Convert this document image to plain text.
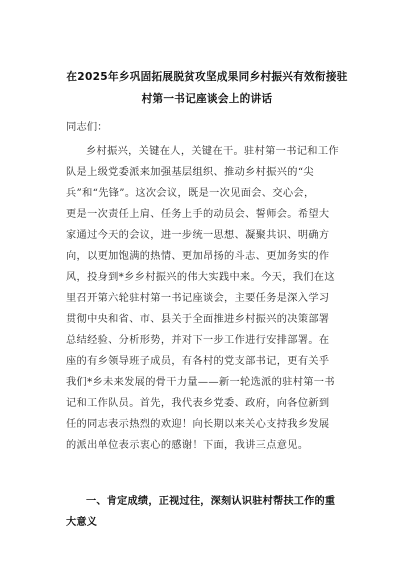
在2025年乡巩固拓展脱贫攻坚成果同乡村振兴有效衔接驻
村第一书记座谈会上的讲话

同志们：

乡村振兴，关键在人，关键在干。驻村第一书记和工作
队是上级党委派来加强基层组织、推动乡村振兴的“尖
兵”和“先锋”。这次会议，既是一次见面会、交心会，
更是一次责任上肩、任务上手的动员会、誓师会。希望大
家通过今天的会议，进一步统一思想、凝聚共识、明确方
向，以更加饱满的热情、更加昂扬的斗志、更加务实的作
风，投身到*乡乡村振兴的伟大实践中来。今天，我们在这
里召开第六轮驻村第一书记座谈会，主要任务是深入学习
贯彻中央和省、市、县关于全面推进乡村振兴的决策部署
总结经验、分析形势，并对下一步工作进行安排部署。在
座的有乡领导班子成员，有各村的党支部书记，更有关乎
我们*乡未来发展的骨干力量——新一轮选派的驻村第一书
记和工作队员。首先，我代表乡党委、政府，向各位新到
任的同志表示热烈的欢迎！向长期以来关心支持我乡发展
的派出单位表示衷心的感谢！下面，我讲三点意见。
一、肯定成绩，正视过往，深刻认识驻村帮扶工作的重
大意义
